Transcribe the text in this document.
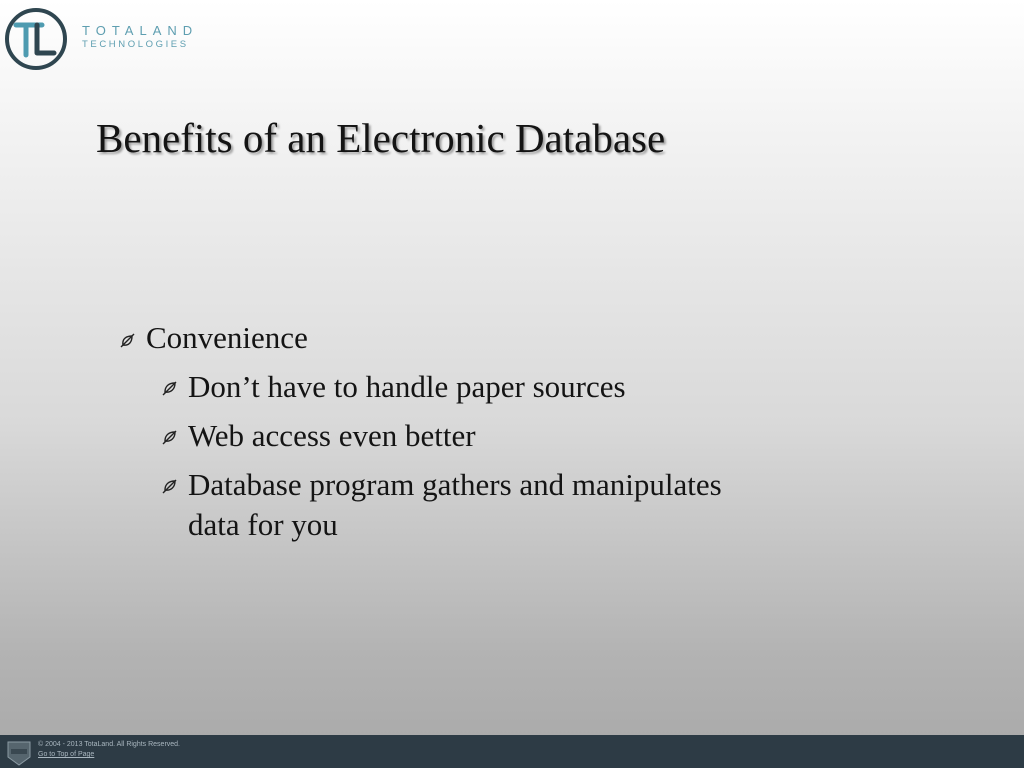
TOTALAND
TECHNOLOGIES
Benefits of an Electronic Database
Convenience
Don’t have to handle paper sources
Web access even better
Database program gathers and manipulates data for you
© 2004 - 2013 TotaLand. All Rights Reserved.
Go to Top of Page
